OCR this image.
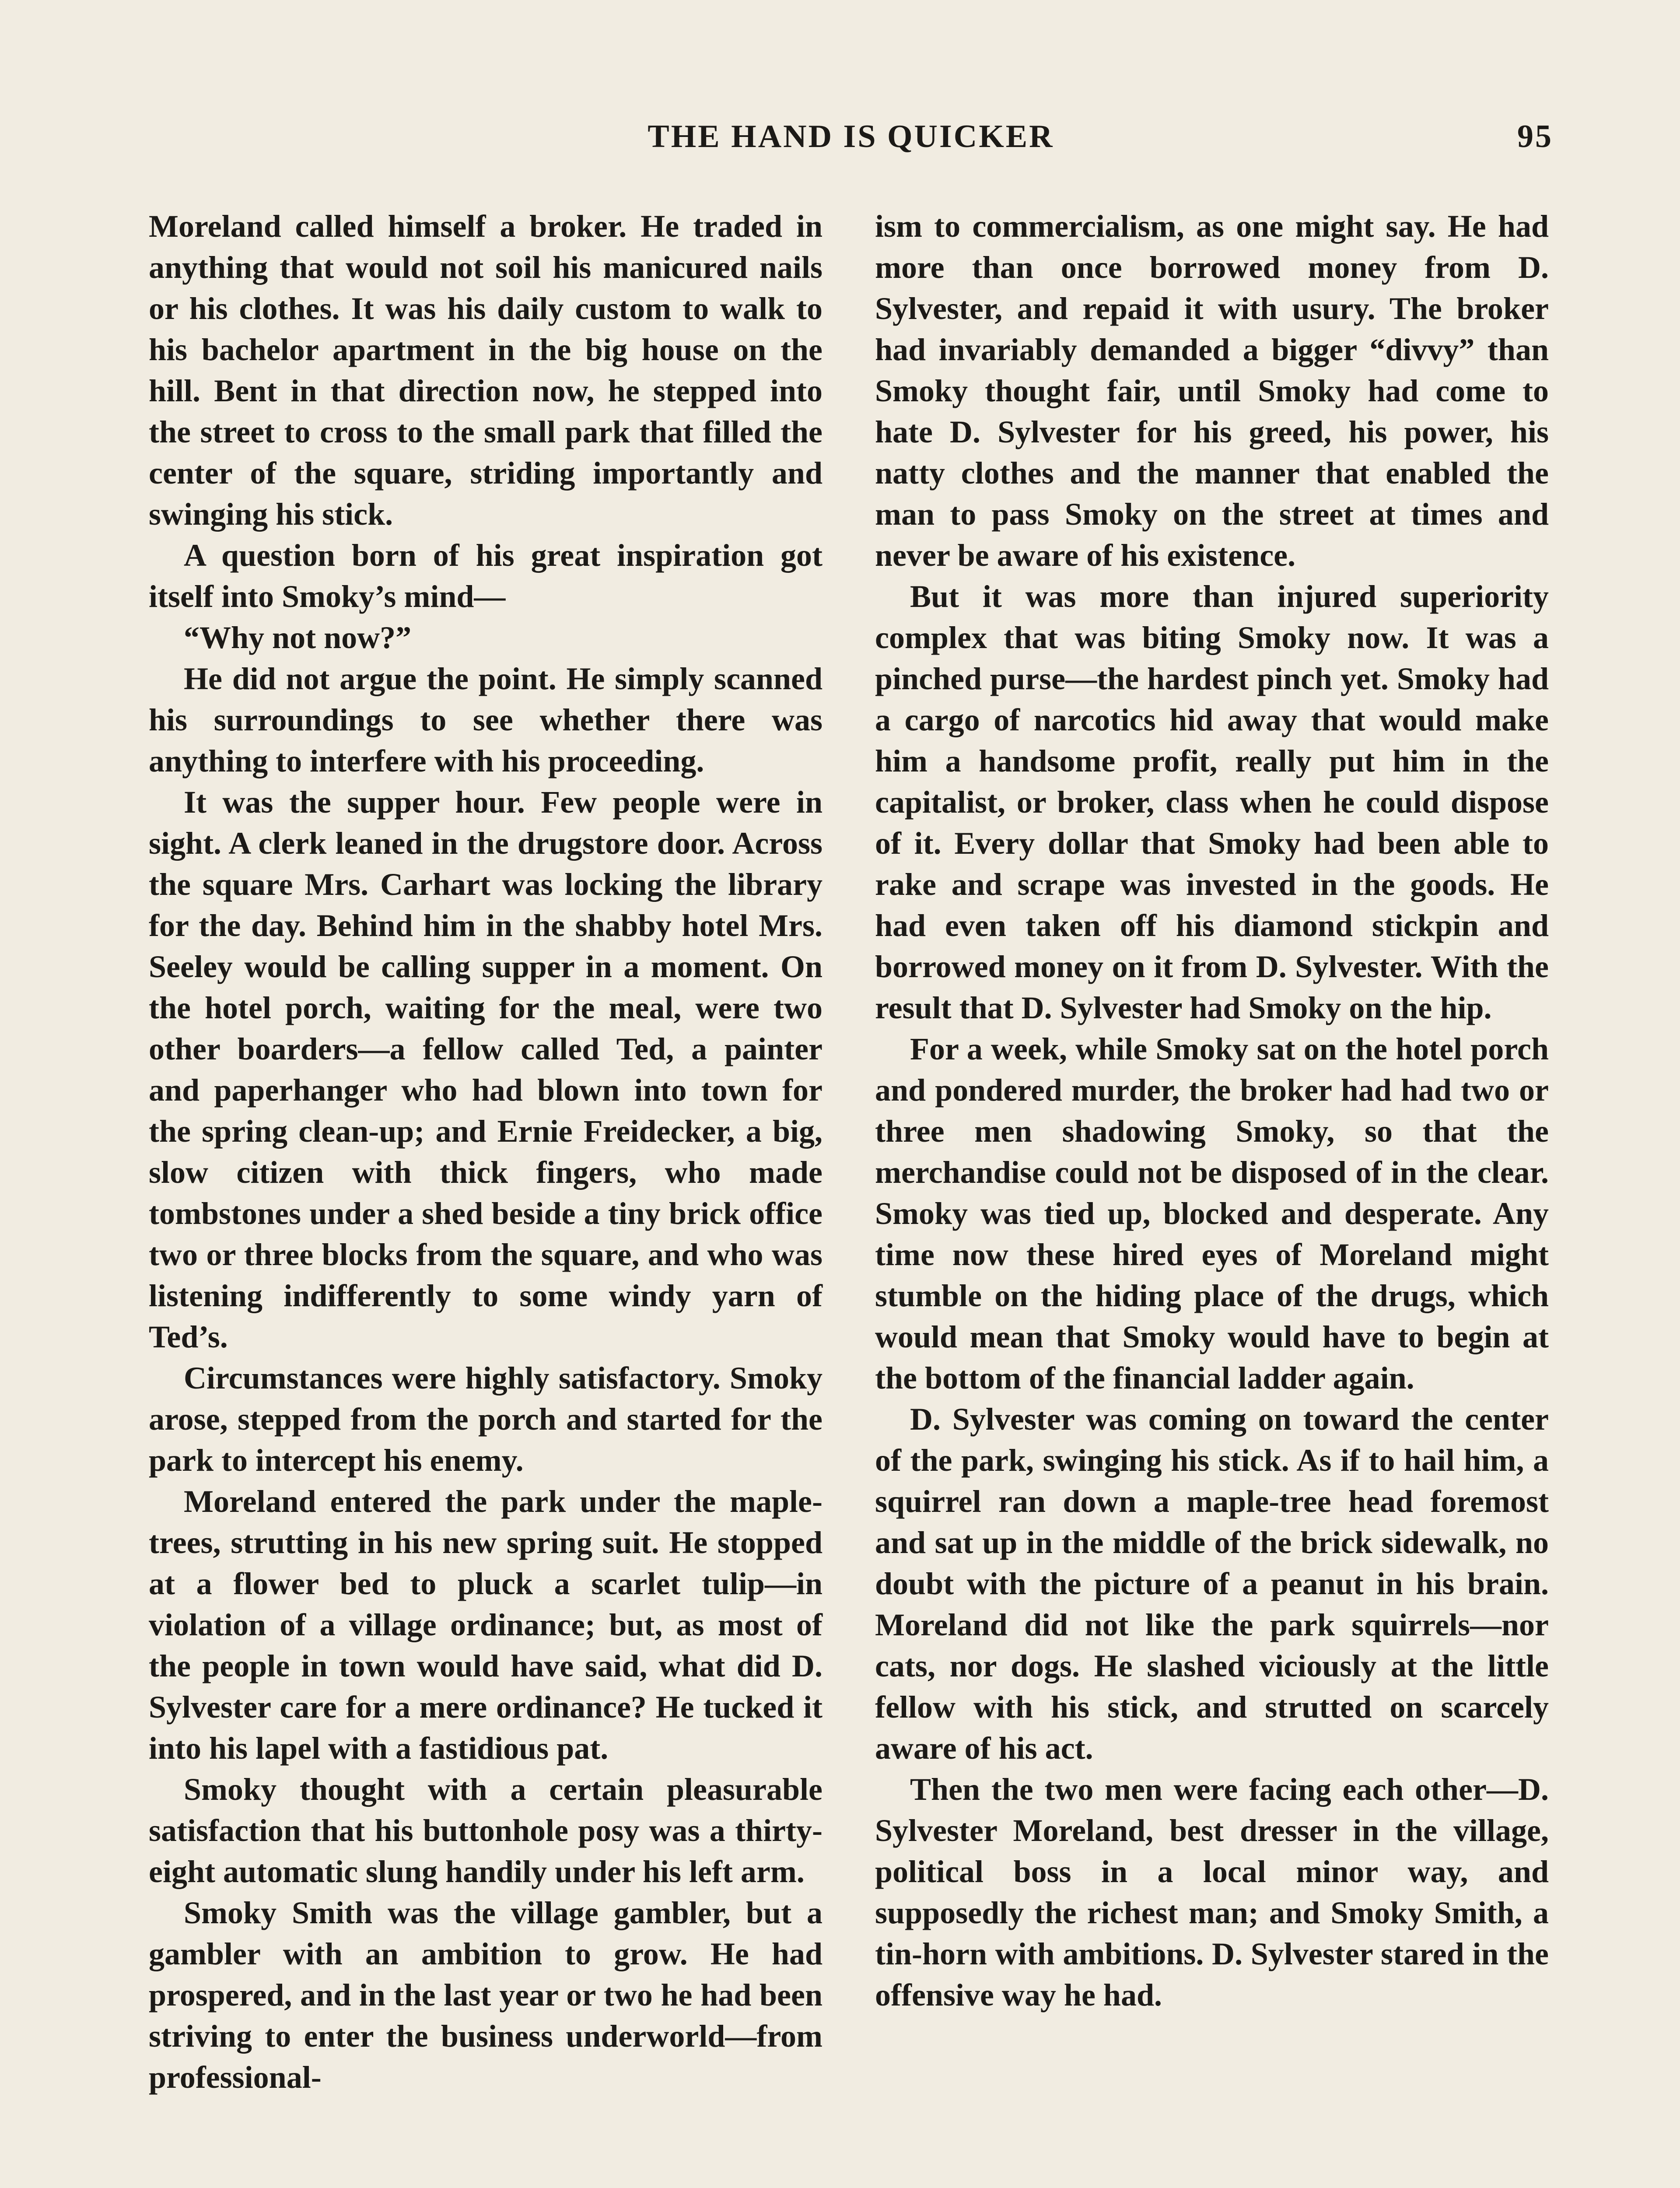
THE HAND IS QUICKER	95

Moreland called himself a broker. He traded in anything that would not soil his manicured nails or his clothes. It was his daily custom to walk to his bachelor apartment in the big house on the hill. Bent in that direction now, he stepped into the street to cross to the small park that filled the center of the square, striding importantly and swinging his stick.

A question born of his great inspiration got itself into Smoky’s mind—

“Why not now?”

He did not argue the point. He simply scanned his surroundings to see whether there was anything to interfere with his proceeding.

It was the supper hour. Few people were in sight. A clerk leaned in the drugstore door. Across the square Mrs. Carhart was locking the library for the day. Behind him in the shabby hotel Mrs. Seeley would be calling supper in a moment. On the hotel porch, waiting for the meal, were two other boarders—a fellow called Ted, a painter and paperhanger who had blown into town for the spring clean-up; and Ernie Freidecker, a big, slow citizen with thick fingers, who made tombstones under a shed beside a tiny brick office two or three blocks from the square, and who was listening indifferently to some windy yarn of Ted’s.

Circumstances were highly satisfactory. Smoky arose, stepped from the porch and started for the park to intercept his enemy.

Moreland entered the park under the maple-trees, strutting in his new spring suit. He stopped at a flower bed to pluck a scarlet tulip—in violation of a village ordinance; but, as most of the people in town would have said, what did D. Sylvester care for a mere ordinance? He tucked it into his lapel with a fastidious pat.

Smoky thought with a certain pleasurable satisfaction that his buttonhole posy was a thirty-eight automatic slung handily under his left arm.

Smoky Smith was the village gambler, but a gambler with an ambition to grow. He had prospered, and in the last year or two he had been striving to enter the business underworld—from professional-

ism to commercialism, as one might say. He had more than once borrowed money from D. Sylvester, and repaid it with usury. The broker had invariably demanded a bigger “divvy” than Smoky thought fair, until Smoky had come to hate D. Sylvester for his greed, his power, his natty clothes and the manner that enabled the man to pass Smoky on the street at times and never be aware of his existence.

But it was more than injured superiority complex that was biting Smoky now. It was a pinched purse—the hardest pinch yet. Smoky had a cargo of narcotics hid away that would make him a handsome profit, really put him in the capitalist, or broker, class when he could dispose of it. Every dollar that Smoky had been able to rake and scrape was invested in the goods. He had even taken off his diamond stickpin and borrowed money on it from D. Sylvester. With the result that D. Sylvester had Smoky on the hip.

For a week, while Smoky sat on the hotel porch and pondered murder, the broker had had two or three men shadowing Smoky, so that the merchandise could not be disposed of in the clear. Smoky was tied up, blocked and desperate. Any time now these hired eyes of Moreland might stumble on the hiding place of the drugs, which would mean that Smoky would have to begin at the bottom of the financial ladder again.

D. Sylvester was coming on toward the center of the park, swinging his stick. As if to hail him, a squirrel ran down a maple-tree head foremost and sat up in the middle of the brick sidewalk, no doubt with the picture of a peanut in his brain. Moreland did not like the park squirrels—nor cats, nor dogs. He slashed viciously at the little fellow with his stick, and strutted on scarcely aware of his act.

Then the two men were facing each other—D. Sylvester Moreland, best dresser in the village, political boss in a local minor way, and supposedly the richest man; and Smoky Smith, a tin-horn with ambitions. D. Sylvester stared in the offensive way he had.
